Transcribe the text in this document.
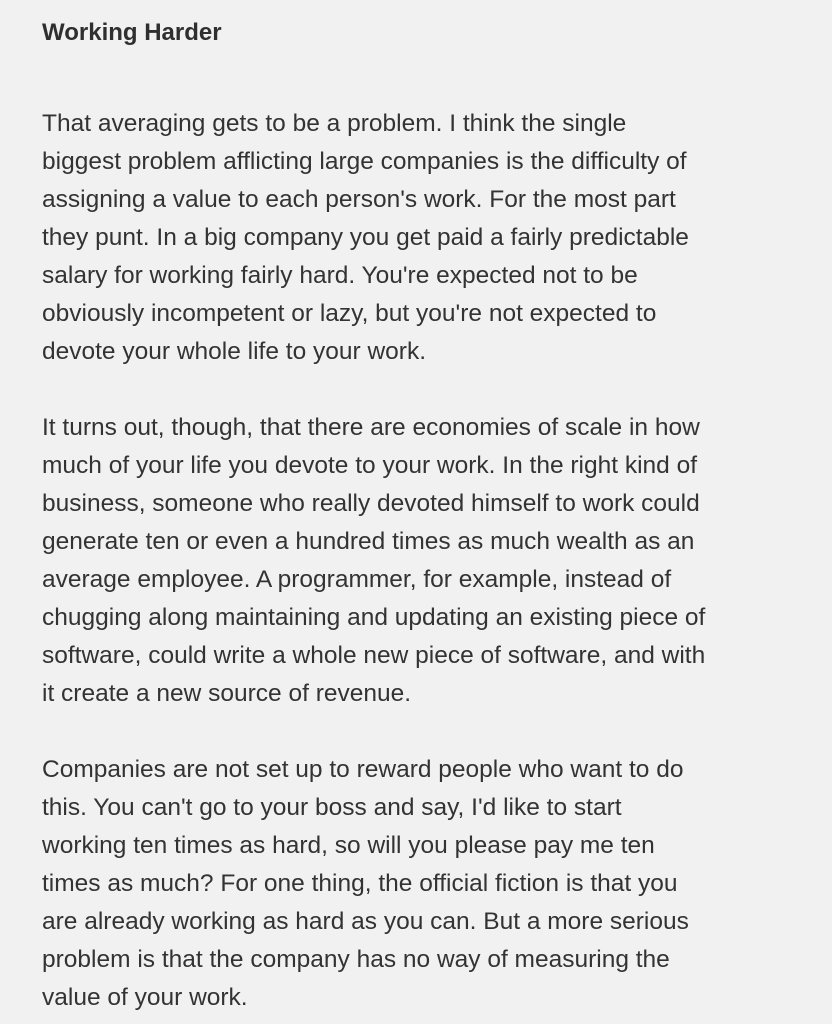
Working Harder

That averaging gets to be a problem. I think the single
biggest problem afflicting large companies is the difficulty of
assigning a value to each person's work. For the most part
they punt. In a big company you get paid a fairly predictable
salary for working fairly hard. You're expected not to be
obviously incompetent or lazy, but you're not expected to
devote your whole life to your work.

It turns out, though, that there are economies of scale in how
much of your life you devote to your work. In the right kind of
business, someone who really devoted himself to work could
generate ten or even a hundred times as much wealth as an
average employee. A programmer, for example, instead of
chugging along maintaining and updating an existing piece of
software, could write a whole new piece of software, and with
it create a new source of revenue.

Companies are not set up to reward people who want to do
this. You can't go to your boss and say, I'd like to start
working ten times as hard, so will you please pay me ten
times as much? For one thing, the official fiction is that you
are already working as hard as you can. But a more serious
problem is that the company has no way of measuring the
value of your work.
